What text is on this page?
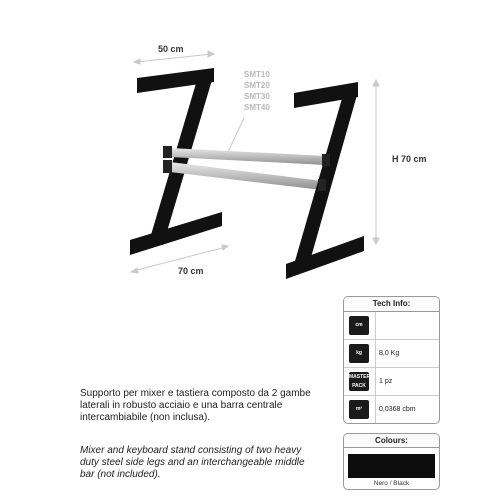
50 cm
70 cm
H 70 cm
SMT10
SMT20
SMT30
SMT40
Supporto per mixer e tastiera composto da 2 gambe laterali in robusto acciaio e una barra centrale intercambiabile (non inclusa).
Mixer and keyboard stand consisting of two heavy duty steel side legs and an interchangeable middle bar (not included).
Tech Info:
cm
kg	8,0 Kg
MASTER PACK
1 pz
m³	0,0368 cbm
Colours:
Nero / Black
